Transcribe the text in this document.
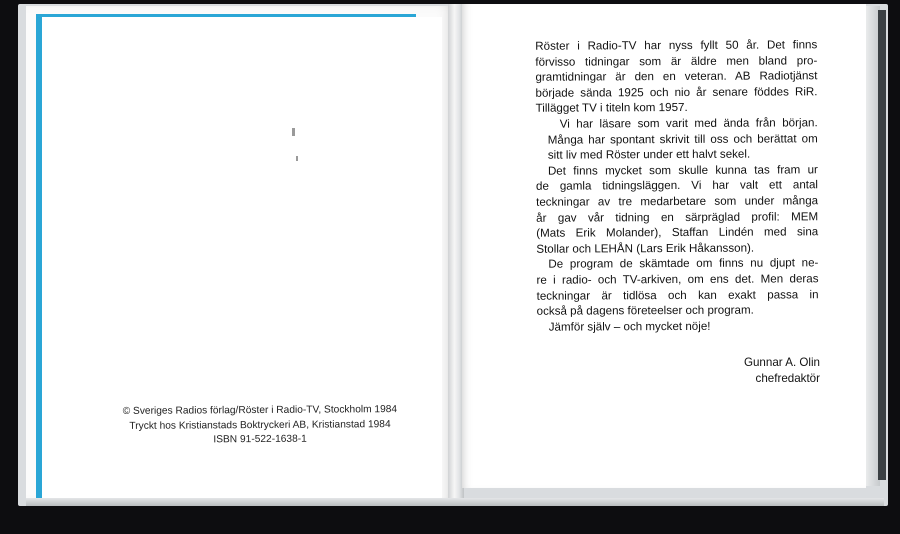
© Sveriges Radios förlag/Röster i Radio-TV, Stockholm 1984
Tryckt hos Kristianstads Boktryckeri AB, Kristianstad 1984
ISBN 91-522-1638-1

Röster i Radio-TV har nyss fyllt 50 år. Det finns
förvisso tidningar som är äldre men bland pro-
gramtidningar är den en veteran. AB Radiotjänst
började sända 1925 och nio år senare föddes RiR.
Tillägget TV i titeln kom 1957.

Vi har läsare som varit med ända från början.
Många har spontant skrivit till oss och berättat om
sitt liv med Röster under ett halvt sekel.

Det finns mycket som skulle kunna tas fram ur
de gamla tidningsläggen. Vi har valt ett antal
teckningar av tre medarbetare som under många
år gav vår tidning en särpräglad profil: MEM
(Mats Erik Molander), Staffan Lindén med sina
Stollar och LEHÅN (Lars Erik Håkansson).

De program de skämtade om finns nu djupt ne-
re i radio- och TV-arkiven, om ens det. Men deras
teckningar är tidlösa och kan exakt passa in
också på dagens företeelser och program.

Jämför själv – och mycket nöje!

Gunnar A. Olin
chefredaktör
